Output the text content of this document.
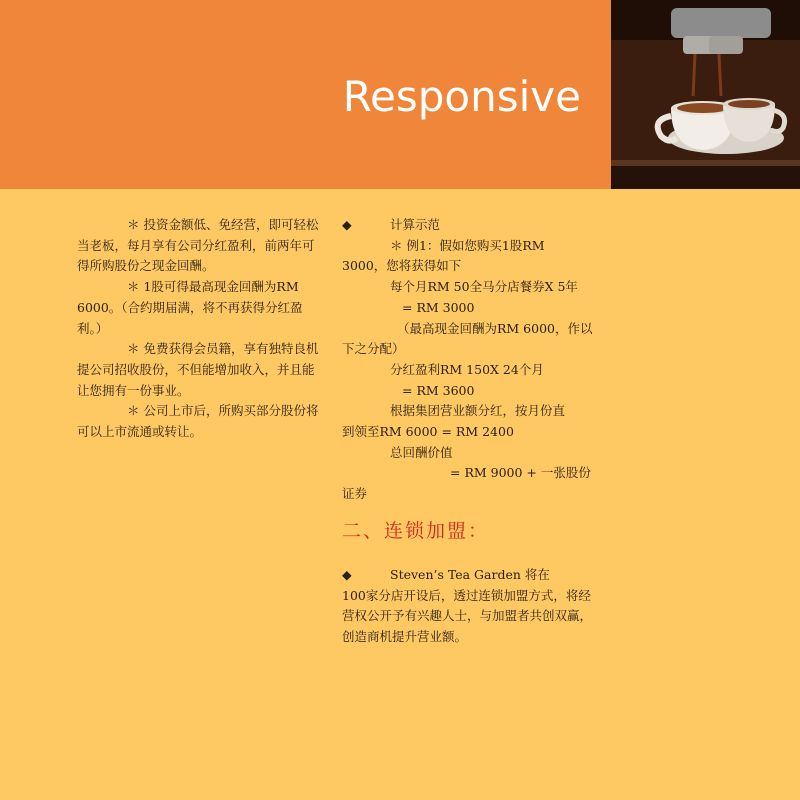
Responsive

＊ 投资金额低、免经营，即可轻松当老板，每月享有公司分红盈利，前两年可得所购股份之现金回酬。

＊ 1股可得最高现金回酬为RM 6000。（合约期届满，将不再获得分红盈利。）

＊ 免费获得会员籍，享有独特良机提公司招收股份，不但能增加收入，并且能让您拥有一份事业。

＊ 公司上市后，所购买部分股份将可以上市流通或转让。

◆	计算示范

＊ 例1：假如您购买1股RM

3000，您将获得如下

每个月RM 50全马分店餐券X 5年

= RM 3000

（最高现金回酬为RM 6000，作以下之分配）

分红盈利RM 150X 24个月

= RM 3600

根据集团营业额分红，按月份直

到领至RM 6000 = RM 2400

总回酬价值

= RM 9000 + 一张股份

证券

二、连锁加盟：
◆	Steven’s Tea Garden 将在

100家分店开设后，透过连锁加盟方式，将经营权公开予有兴趣人士，与加盟者共创双赢，创造商机提升营业额。
